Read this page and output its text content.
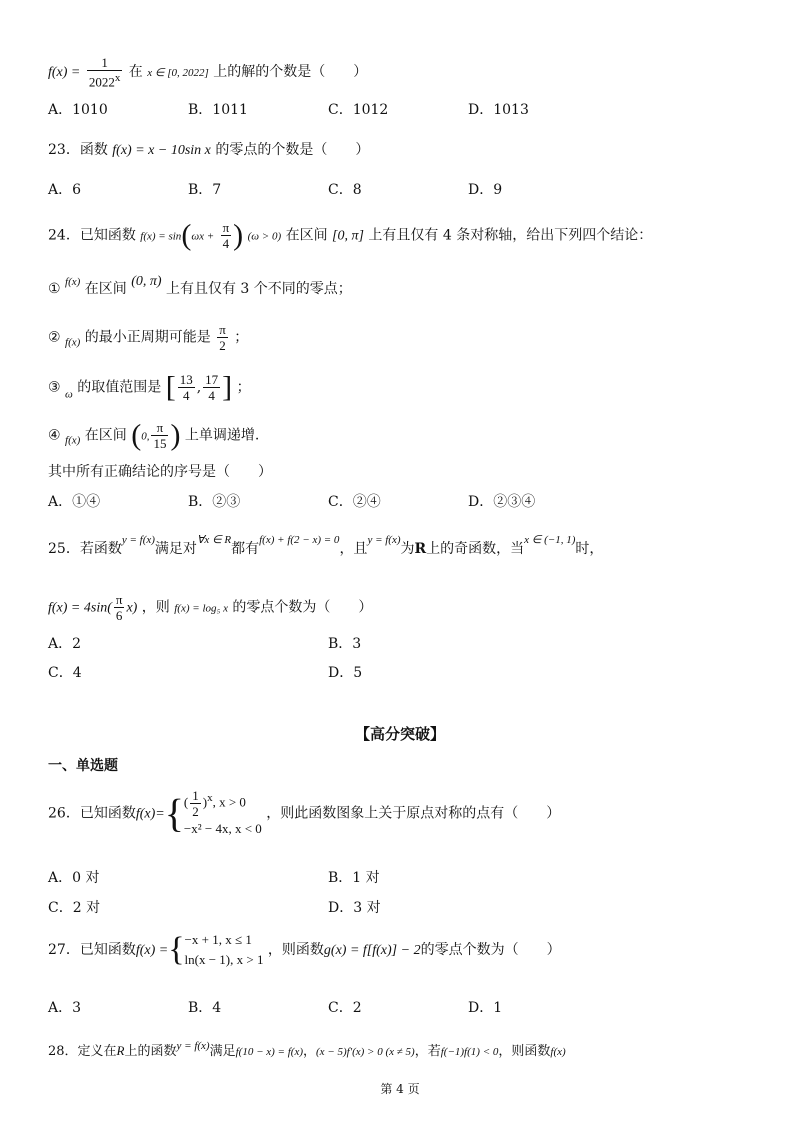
$f(x) = \frac{1}{2022^x}$ 在 x ∈ [0, 2022] 上的解的个数是（　　）
A．1010	B．1011	C．1012	D．1013
23．函数 f(x) = x − 10sin x 的零点的个数是（　　）
A．6	B．7	C．8	D．9
24．已知函数 $f(x) = \sin(\omega x + \frac{\pi}{4}$ ) (ω > 0) 在区间 [0, π] 上有且仅有 4 条对称轴，给出下列四个结论：
① $^{f(x)}$ 在区间 (0, π) 上有且仅有 3 个不同的零点；
② $_{f(x)}$ 的最小正周期可能是 $\frac{\pi}{2}$ ；
③ $_\omega$ 的取值范围是 [ $\frac{13}{4}$ , $\frac{17}{4}$ ] ；
④ $_{f(x)}$ 在区间 (0, $\frac{\pi}{15}$ ) 上单调递增.
其中所有正确结论的序号是（　　）
A．①④	B．②③	C．②④	D．②③④
25．若函数$^{y = f(x)}$满足对$^{\forall x \in R}$都有$^{f(x) + f(2 - x) = 0}$，且$^{y = f(x)}$为R上的奇函数，当$^{x \in (-1, 1)}$时，
$f(x) = 4\sin( \frac{\pi}{6} x)$ ，则 f(x) = log₅ x 的零点个数为（　　）
A．2	B．3
C．4	D．5
【高分突破】
一、单选题
26．已知函数f(x)={ ( $\frac{1}{2} )^x$, x > 0
−x² − 4x, x < 0
，则此函数图象上关于原点对称的点有（　　）
A．0 对	B．1 对
C．2 对	D．3 对
27．已知函数f(x) ={ −x + 1, x ≤ 1
ln(x − 1), x > 1
，则函数g(x) = f[f(x)] − 2的零点个数为（　　）
A．3	B．4	C．2	D．1
28．定义在R上的函数$^{y = f(x)}$满足f(10 − x) = f(x)，(x − 5)f′(x) > 0 (x ≠ 5)，若f(−1)f(1) < 0，则函数f(x)
第 4 页
